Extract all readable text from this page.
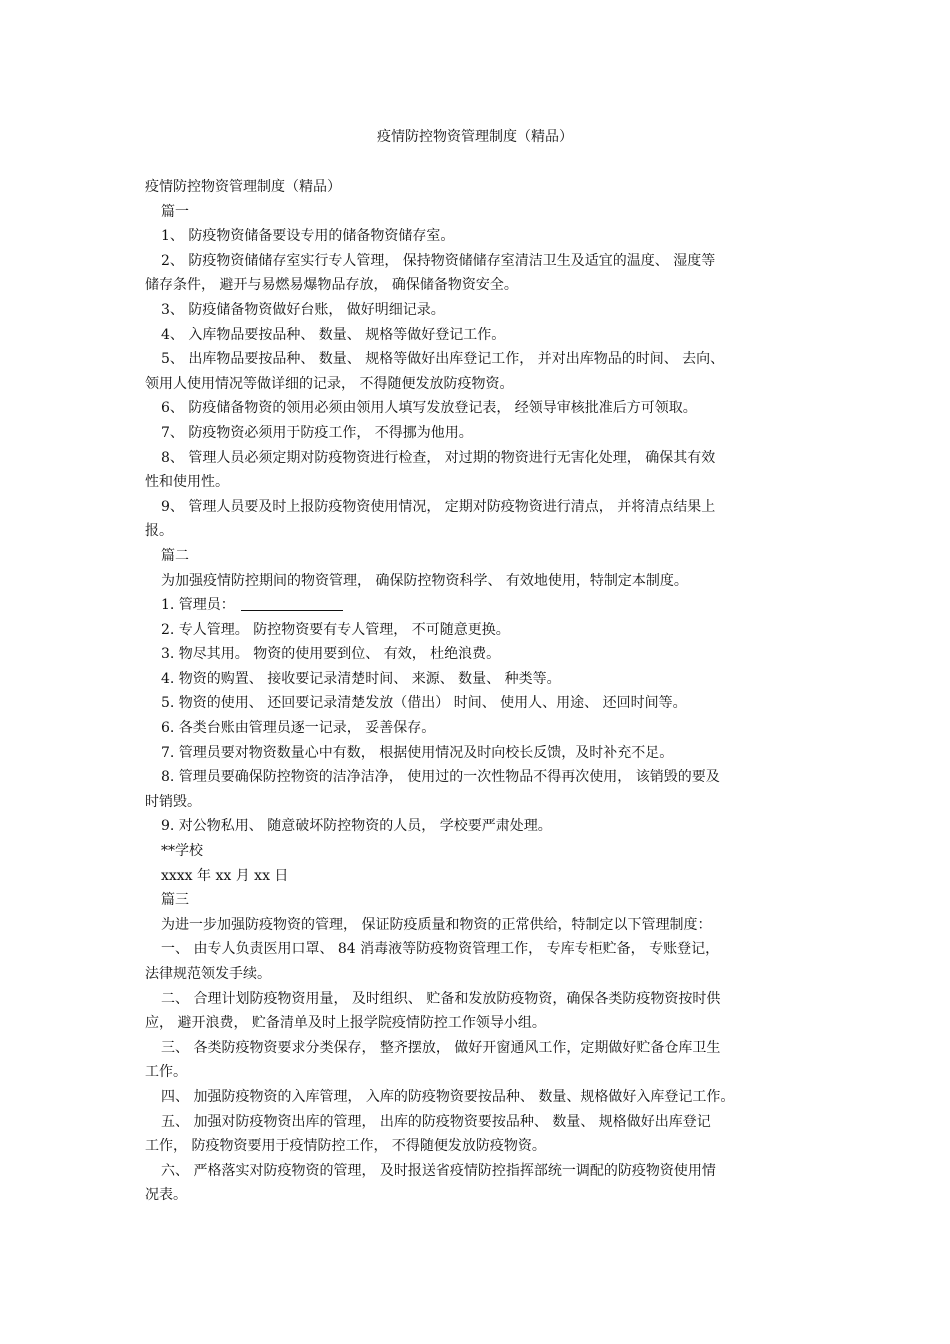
疫情防控物资管理制度（精品）

疫情防控物资管理制度（精品）

篇一

1、 防疫物资储备要设专用的储备物资储存室。

2、 防疫物资储储存室实行专人管理， 保持物资储储存室清洁卫生及适宜的温度、 湿度等

储存条件， 避开与易燃易爆物品存放， 确保储备物资安全。

3、 防疫储备物资做好台账， 做好明细记录。

4、 入库物品要按品种、 数量、 规格等做好登记工作。

5、 出库物品要按品种、 数量、 规格等做好出库登记工作， 并对出库物品的时间、 去向、

领用人使用情况等做详细的记录， 不得随便发放防疫物资。

6、 防疫储备物资的领用必须由领用人填写发放登记表， 经领导审核批准后方可领取。

7、 防疫物资必须用于防疫工作， 不得挪为他用。

8、 管理人员必须定期对防疫物资进行检查， 对过期的物资进行无害化处理， 确保其有效

性和使用性。

9、 管理人员要及时上报防疫物资使用情况， 定期对防疫物资进行清点， 并将清点结果上

报。

篇二

为加强疫情防控期间的物资管理， 确保防控物资科学、 有效地使用，特制定本制度。

1. 管理员：

2. 专人管理。 防控物资要有专人管理， 不可随意更换。

3. 物尽其用。 物资的使用要到位、 有效， 杜绝浪费。

4. 物资的购置、 接收要记录清楚时间、 来源、 数量、 种类等。

5. 物资的使用、 还回要记录清楚发放（借出） 时间、 使用人、用途、 还回时间等。

6. 各类台账由管理员逐一记录， 妥善保存。

7. 管理员要对物资数量心中有数， 根据使用情况及时向校长反馈，及时补充不足。

8. 管理员要确保防控物资的洁净洁净， 使用过的一次性物品不得再次使用， 该销毁的要及

时销毁。

9. 对公物私用、 随意破坏防控物资的人员， 学校要严肃处理。

**学校

xxxx 年 xx 月 xx 日

篇三

为进一步加强防疫物资的管理， 保证防疫质量和物资的正常供给，特制定以下管理制度：

一、 由专人负责医用口罩、 84 消毒液等防疫物资管理工作， 专库专柜贮备， 专账登记，

法律规范领发手续。

二、 合理计划防疫物资用量， 及时组织、 贮备和发放防疫物资，确保各类防疫物资按时供

应， 避开浪费， 贮备清单及时上报学院疫情防控工作领导小组。

三、 各类防疫物资要求分类保存， 整齐摆放， 做好开窗通风工作，定期做好贮备仓库卫生

工作。

四、 加强防疫物资的入库管理， 入库的防疫物资要按品种、 数量、规格做好入库登记工作。

五、 加强对防疫物资出库的管理， 出库的防疫物资要按品种、 数量、 规格做好出库登记

工作， 防疫物资要用于疫情防控工作， 不得随便发放防疫物资。

六、 严格落实对防疫物资的管理， 及时报送省疫情防控指挥部统一调配的防疫物资使用情

况表。
